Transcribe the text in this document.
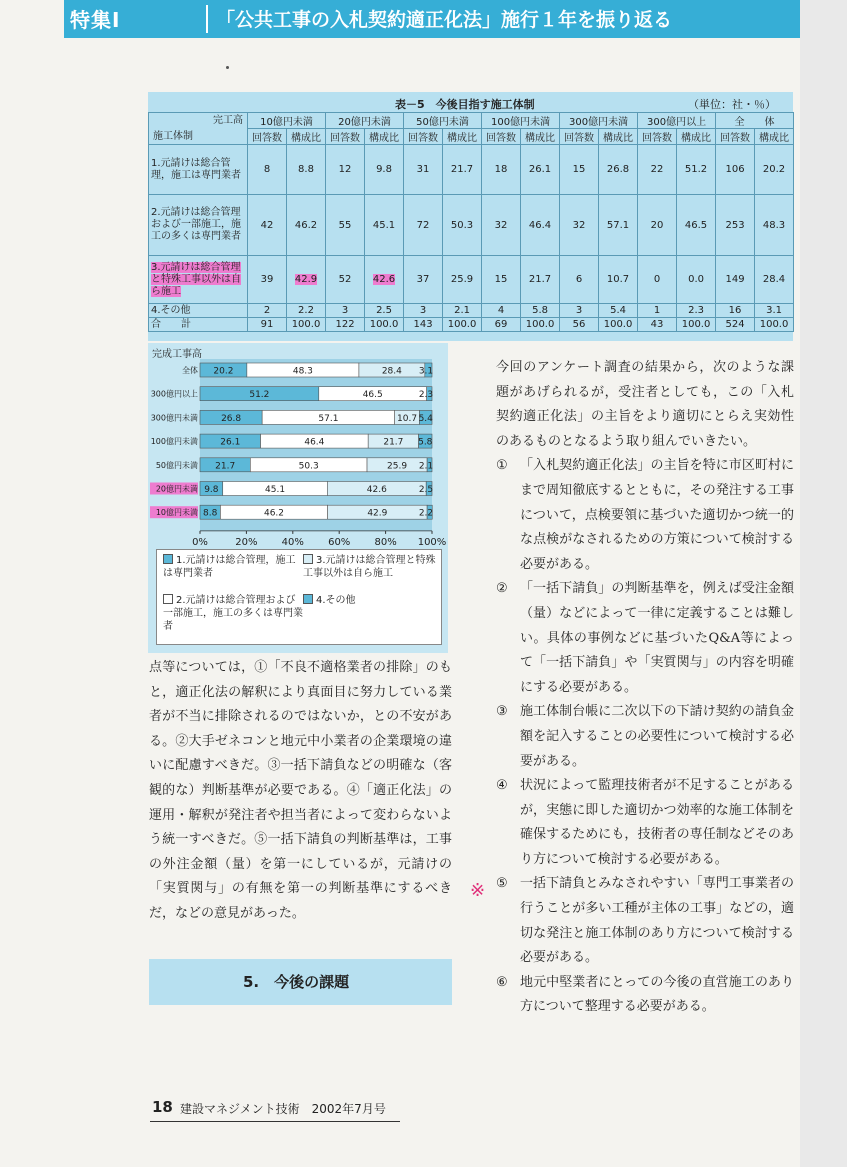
特集Ⅰ	「公共工事の入札契約適正化法」施行１年を振り返る
表－5　今後目指す施工体制	（単位：社・％）
完工高
施工体制	10億円未満		20億円未満		50億円未満		100億円未満		300億円未満		300億円以上		全　　体	
	回答数	構成比	回答数	構成比	回答数	構成比	回答数	構成比	回答数	構成比	回答数	構成比	回答数	構成比
1.元請けは総合管理，施工は専門業者	8	8.8	12	9.8	31	21.7	18	26.1	15	26.8	22	51.2	106	20.2
2.元請けは総合管理および一部施工，施工の多くは専門業者	42	46.2	55	45.1	72	50.3	32	46.4	32	57.1	20	46.5	253	48.3
3.元請けは総合管理と特殊工事以外は自ら施工	39	42.9	52	42.6	37	25.9	15	21.7	6	10.7	0	0.0	149	28.4
4.その他	2	2.2	3	2.5	3	2.1	4	5.8	3	5.4	1	2.3	16	3.1
合　　計	91	100.0	122	100.0	143	100.0	69	100.0	56	100.0	43	100.0	524	100.0
完成工事高
全体 20.2	48.3	28.4 3.1
300億円以上	51.2	46.5	2.3
300億円未満	26.8	57.1	10.7 5.4
100億円未満 26.1	46.4	21.7 5.8
50億円未満 21.7	50.3	25.9 2.1
20億円未満 9.8	45.1	42.6	2.5
10億円未満 8.8	46.2	42.9	2.2
0%	20% 40% 60% 80% 100%
1.元請けは総合管理，施工は専門業者
3.元請けは総合管理と特殊工事以外は自ら施工
2.元請けは総合管理および一部施工，施工の多くは専門業者
4.その他

点等については，①「不良不適格業者の排除」のもと，適正化法の解釈により真面目に努力している業者が不当に排除されるのではないか，との不安がある。②大手ゼネコンと地元中小業者の企業環境の違いに配慮すべきだ。③一括下請負などの明確な（客観的な）判断基準が必要である。④「適正化法」の運用・解釈が発注者や担当者によって変わらないよう統一すべきだ。⑤一括下請負の判断基準は，工事の外注金額（量）を第一にしているが，元請けの「実質関与」の有無を第一の判断基準にするべきだ，などの意見があった。

5.　今後の課題
※

今回のアンケート調査の結果から，次のような課題があげられるが，受注者としても，この「入札契約適正化法」の主旨をより適切にとらえ実効性のあるものとなるよう取り組んでいきたい。

① 「入札契約適正化法」の主旨を特に市区町村にまで周知徹底するとともに，その発注する工事について，点検要領に基づいた適切かつ統一的な点検がなされるための方策について検討する必要がある。
② 「一括下請負」の判断基準を，例えば受注金額（量）などによって一律に定義することは難しい。具体の事例などに基づいたQ&A等によって「一括下請負」や「実質関与」の内容を明確にする必要がある。
③ 施工体制台帳に二次以下の下請け契約の請負金額を記入することの必要性について検討する必要がある。
④ 状況によって監理技術者が不足することがあるが，実態に即した適切かつ効率的な施工体制を確保するためにも，技術者の専任制などそのあり方について検討する必要がある。
⑤ 一括下請負とみなされやすい「専門工事業者の行うことが多い工種が主体の工事」などの，適切な発注と施工体制のあり方について検討する必要がある。
⑥ 地元中堅業者にとっての今後の直営施工のあり方について整理する必要がある。
18 建設マネジメント技術　2002年7月号
